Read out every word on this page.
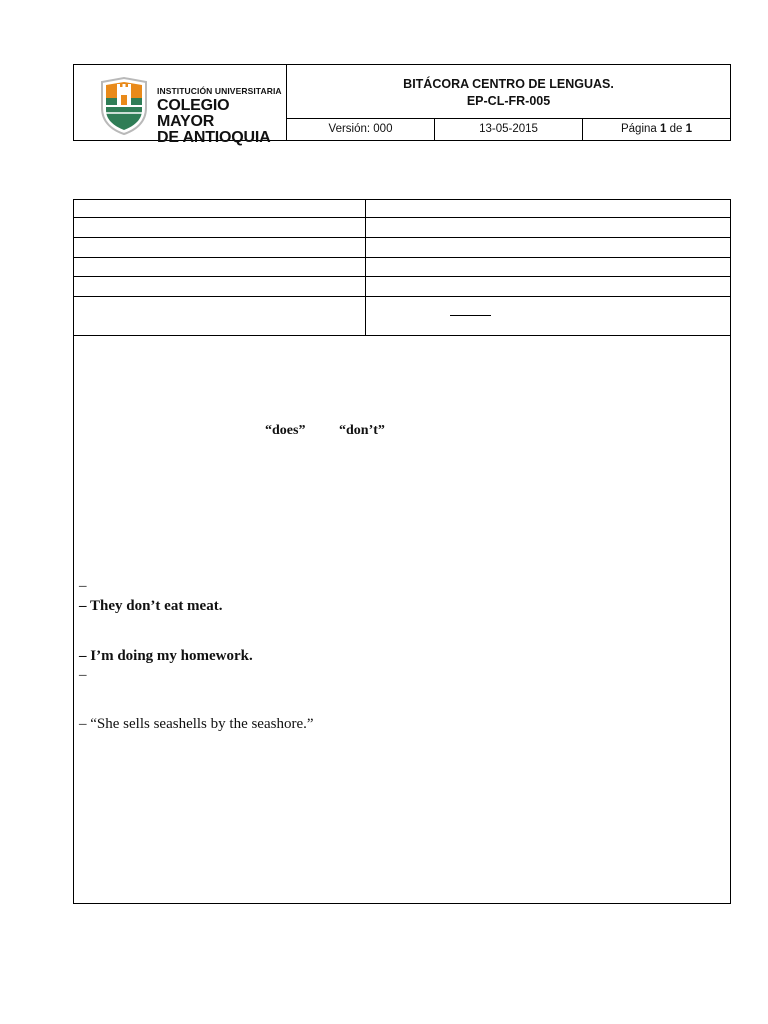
INSTITUCIÓN UNIVERSITARIA
COLEGIO MAYOR
DE ANTIOQUIA
BITÁCORA CENTRO DE LENGUAS.
EP-CL-FR-005
Versión: 000	13-05-2015	Página 1 de 1
“does” “don’t”
–
– They don’t eat meat.
– I’m doing my homework.
–
– “She sells seashells by the seashore.”
